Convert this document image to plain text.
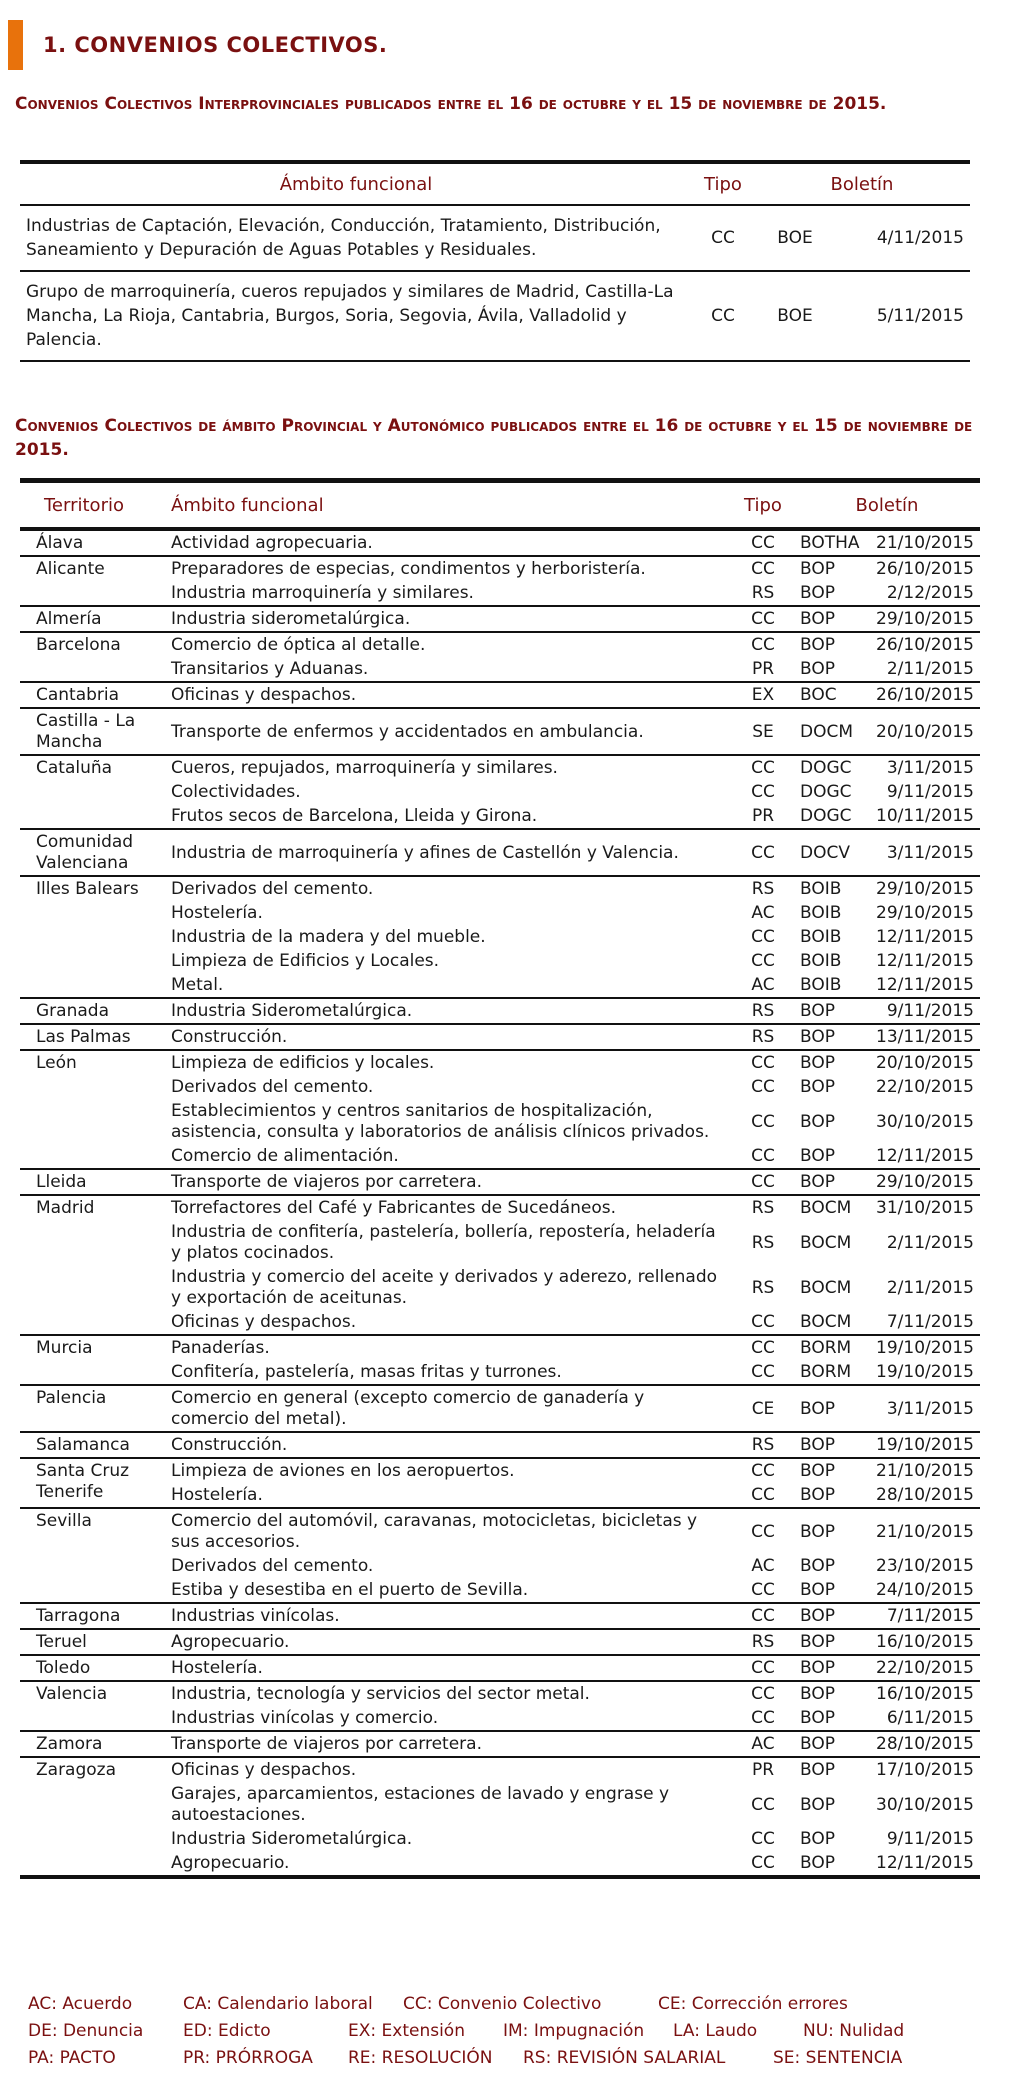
1. CONVENIOS COLECTIVOS.
Convenios Colectivos Interprovinciales publicados entre el 16 de octubre y el 15 de noviembre de 2015.
Ámbito funcional	Tipo	Boletín	
Industrias de Captación, Elevación, Conducción, Tratamiento, Distribución, Saneamiento y Depuración de Aguas Potables y Residuales.	CC	BOE	4/11/2015
Grupo de marroquinería, cueros repujados y similares de Madrid, Castilla-La Mancha, La Rioja, Cantabria, Burgos, Soria, Segovia, Ávila, Valladolid y Palencia.	CC	BOE	5/11/2015
Convenios Colectivos de ámbito Provincial y Autonómico publicados entre el 16 de octubre y el 15 de noviembre de 2015.
Territorio	Ámbito funcional	Tipo	Boletín	
Álava	Actividad agropecuaria.	CC	BOTHA	21/10/2015
Alicante	Preparadores de especias, condimentos y herboristería.	CC	BOP	26/10/2015
	Industria marroquinería y similares.	RS	BOP	2/12/2015
Almería	Industria siderometalúrgica.	CC	BOP	29/10/2015
Barcelona	Comercio de óptica al detalle.	CC	BOP	26/10/2015
	Transitarios y Aduanas.	PR	BOP	2/11/2015
Cantabria	Oficinas y despachos.	EX	BOC	26/10/2015
Castilla - La Mancha	Transporte de enfermos y accidentados en ambulancia.	SE	DOCM	20/10/2015
Cataluña	Cueros, repujados, marroquinería y similares.	CC	DOGC	3/11/2015
	Colectividades.	CC	DOGC	9/11/2015
	Frutos secos de Barcelona, Lleida y Girona.	PR	DOGC	10/11/2015
Comunidad Valenciana	Industria de marroquinería y afines de Castellón y Valencia.	CC	DOCV	3/11/2015
Illes Balears	Derivados del cemento.	RS	BOIB	29/10/2015
	Hostelería.	AC	BOIB	29/10/2015
	Industria de la madera y del mueble.	CC	BOIB	12/11/2015
	Limpieza de Edificios y Locales.	CC	BOIB	12/11/2015
	Metal.	AC	BOIB	12/11/2015
Granada	Industria Siderometalúrgica.	RS	BOP	9/11/2015
Las Palmas	Construcción.	RS	BOP	13/11/2015
León	Limpieza de edificios y locales.	CC	BOP	20/10/2015
	Derivados del cemento.	CC	BOP	22/10/2015
	Establecimientos y centros sanitarios de hospitalización, asistencia, consulta y laboratorios de análisis clínicos privados.	CC	BOP	30/10/2015
	Comercio de alimentación.	CC	BOP	12/11/2015
Lleida	Transporte de viajeros por carretera.	CC	BOP	29/10/2015
Madrid	Torrefactores del Café y Fabricantes de Sucedáneos.	RS	BOCM	31/10/2015
	Industria de confitería, pastelería, bollería, repostería, heladería y platos cocinados.	RS	BOCM	2/11/2015
	Industria y comercio del aceite y derivados y aderezo, rellenado y exportación de aceitunas.	RS	BOCM	2/11/2015
	Oficinas y despachos.	CC	BOCM	7/11/2015
Murcia	Panaderías.	CC	BORM	19/10/2015
	Confitería, pastelería, masas fritas y turrones.	CC	BORM	19/10/2015
Palencia	Comercio en general (excepto comercio de ganadería y comercio del metal).	CE	BOP	3/11/2015
Salamanca	Construcción.	RS	BOP	19/10/2015
Santa Cruz Tenerife	Limpieza de aviones en los aeropuertos.	CC	BOP	21/10/2015
	Hostelería.	CC	BOP	28/10/2015
Sevilla	Comercio del automóvil, caravanas, motocicletas, bicicletas y sus accesorios.	CC	BOP	21/10/2015
	Derivados del cemento.	AC	BOP	23/10/2015
	Estiba y desestiba en el puerto de Sevilla.	CC	BOP	24/10/2015
Tarragona	Industrias vinícolas.	CC	BOP	7/11/2015
Teruel	Agropecuario.	RS	BOP	16/10/2015
Toledo	Hostelería.	CC	BOP	22/10/2015
Valencia	Industria, tecnología y servicios del sector metal.	CC	BOP	16/10/2015
	Industrias vinícolas y comercio.	CC	BOP	6/11/2015
Zamora	Transporte de viajeros por carretera.	AC	BOP	28/10/2015
Zaragoza	Oficinas y despachos.	PR	BOP	17/10/2015
	Garajes, aparcamientos, estaciones de lavado y engrase y autoestaciones.	CC	BOP	30/10/2015
	Industria Siderometalúrgica.	CC	BOP	9/11/2015
	Agropecuario.	CC	BOP	12/11/2015
AC: Acuerdo	CA: Calendario laboral	CC: Convenio Colectivo	CE: Corrección errores
DE: Denuncia	ED: Edicto	EX: Extensión	IM: Impugnación	LA: Laudo	NU: Nulidad
PA: PACTO	PR: PRÓRROGA	RE: RESOLUCIÓN	RS: REVISIÓN SALARIAL	SE: SENTENCIA
